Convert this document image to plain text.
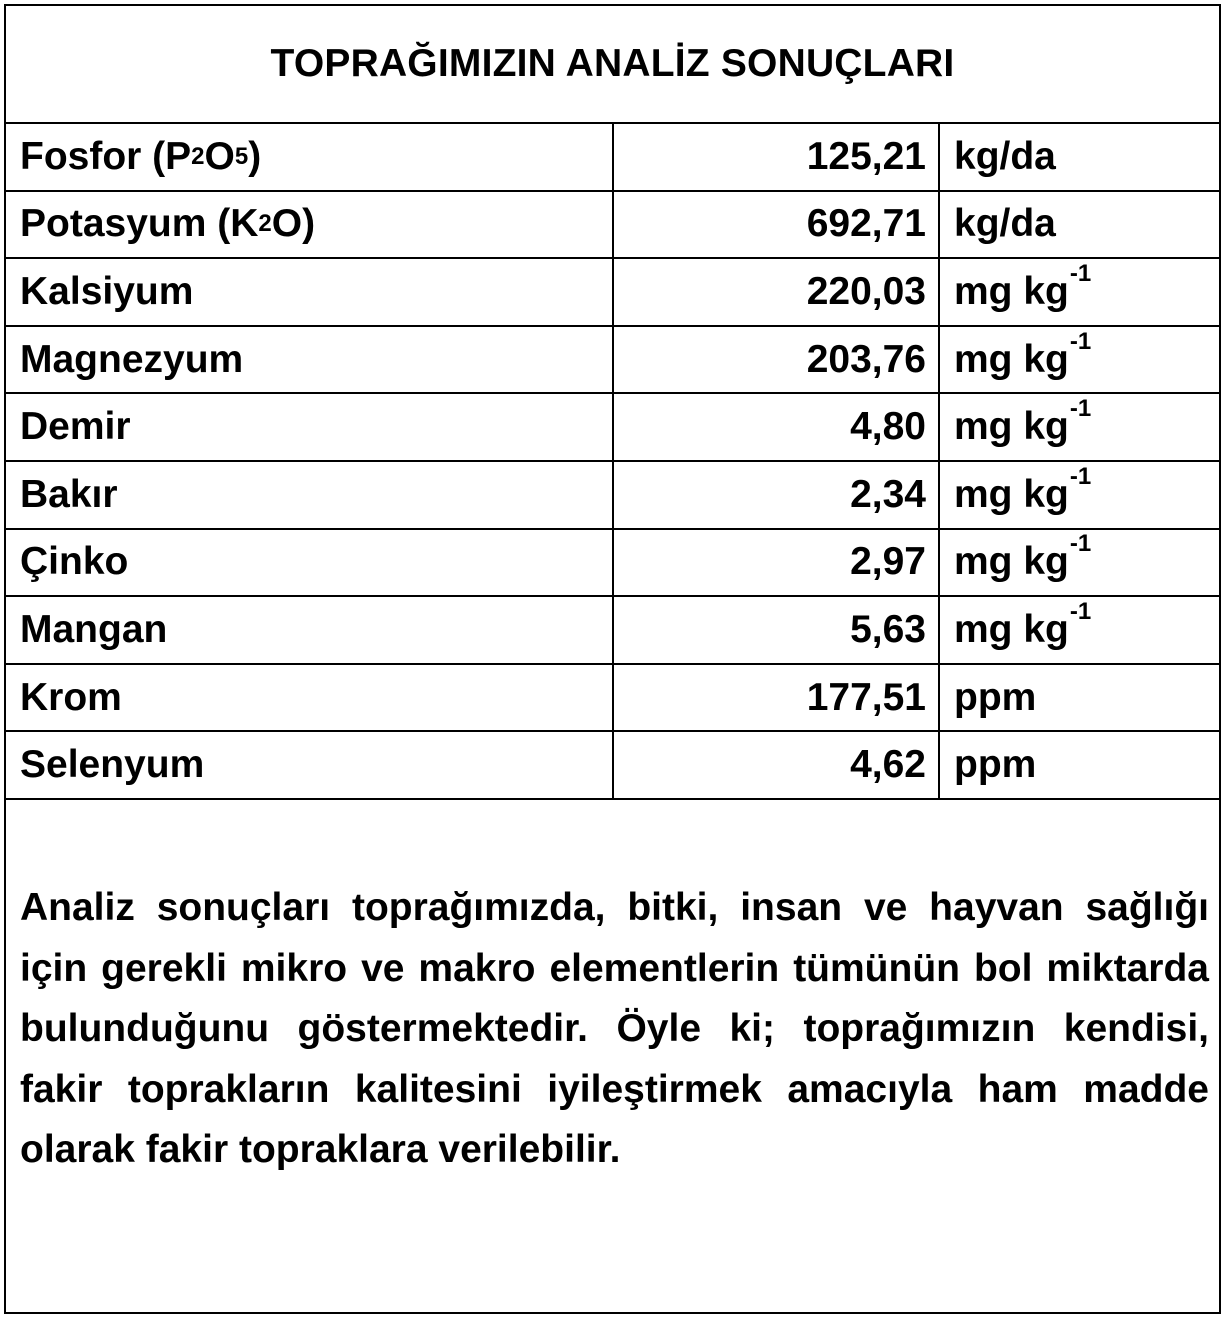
TOPRAĞIMIZIN ANALİZ SONUÇLARI
Fosfor (P 2 O 5 )	125,21 kg/da
Potasyum (K 2 O)	692,71 kg/da
Kalsiyum	220,03 mg kg -1
Magnezyum	203,76 mg kg -1
Demir	4,80 mg kg -1
Bakır	2,34 mg kg -1
Çinko	2,97 mg kg -1
Mangan	5,63 mg kg -1
Krom	177,51 ppm
Selenyum	4,62 ppm
Analiz sonuçları toprağımızda, bitki, insan ve hayvan sağlığı için gerekli mikro ve makro elementlerin tümünün bol miktarda bulunduğunu göstermektedir. Öyle ki; toprağımızın kendisi, fakir toprakların kalitesini iyileştirmek amacıyla ham madde olarak fakir topraklara verilebilir.
